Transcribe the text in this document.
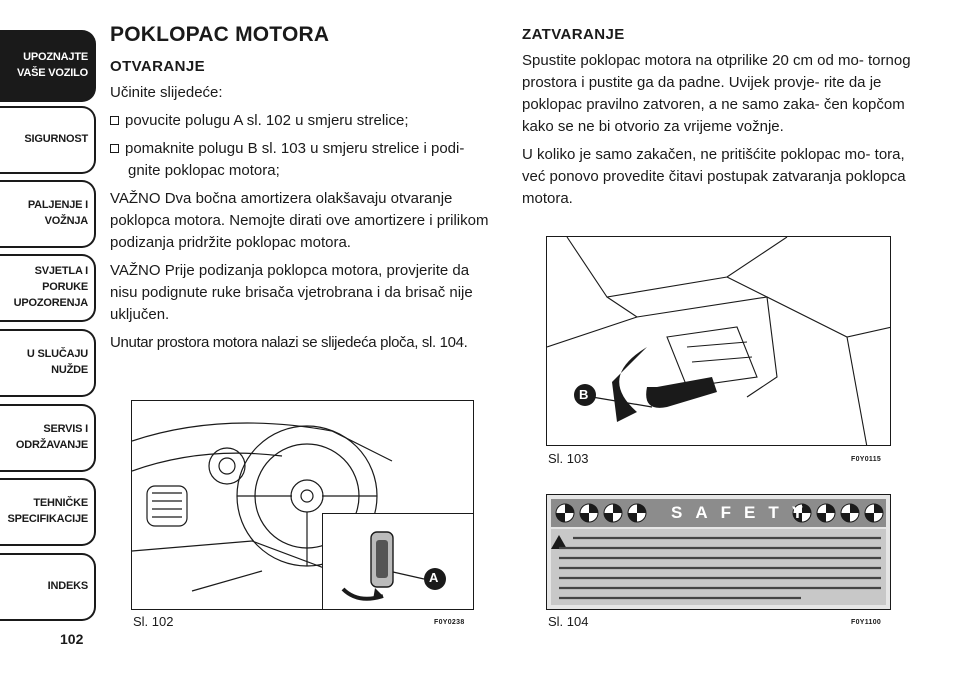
UPOZNAJTE
VAŠE VOZILO
SIGURNOST
PALJENJE I
VOŽNJA
SVJETLA I PORUKE
UPOZORENJA
U SLUČAJU
NUŽDE
SERVIS I
ODRŽAVANJE
TEHNIČKE
SPECIFIKACIJE
INDEKS
102
POKLOPAC MOTORA
OTVARANJE

Učinite slijedeće:

povucite polugu A sl. 102 u smjeru strelice;

pomaknite polugu B sl. 103 u smjeru strelice i podi- gnite poklopac motora;

VAŽNO Dva bočna amortizera olakšavaju otvaranje poklopca motora. Nemojte dirati ove amortizere i prilikom podizanja pridržite poklopac motora.

VAŽNO Prije podizanja poklopca motora, provjerite da nisu podignute ruke brisača vjetrobrana i da brisač nije uključen.

Unutar prostora motora nalazi se slijedeća ploča, sl. 104.

ZATVARANJE

Spustite poklopac motora na otprilike 20 cm od mo- tornog prostora i pustite ga da padne. Uvijek provje- rite da je poklopac pravilno zatvoren, a ne samo zaka- čen kopčom kako se ne bi otvorio za vrijeme vožnje.

U koliko je samo zakačen, ne pritišćite poklopac mo- tora, već ponovo provedite čitavi postupak zatvaranja poklopca motora.

A
Sl. 102	F0Y0238
B
Sl. 103	F0Y0115
SAFETY
Sl. 104	F0Y1100
